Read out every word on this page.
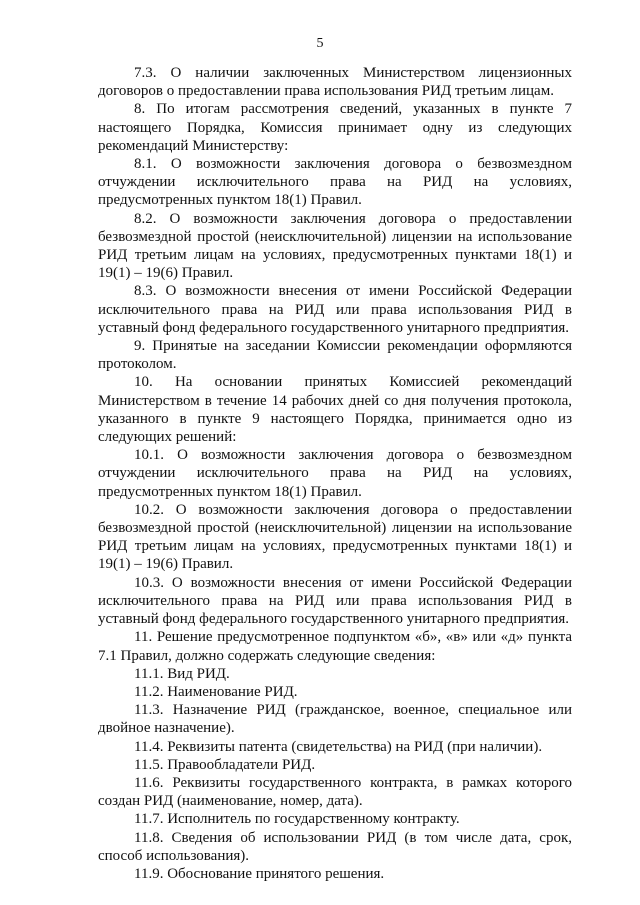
5

7.3. О наличии заключенных Министерством лицензионных договоров о предоставлении права использования РИД третьим лицам.

8. По итогам рассмотрения сведений, указанных в пункте 7 настоящего Порядка, Комиссия принимает одну из следующих рекомендаций Министерству:

8.1. О возможности заключения договора о безвозмездном отчуждении исключительного права на РИД на условиях, предусмотренных пунктом 18(1) Правил.

8.2. О возможности заключения договора о предоставлении безвозмездной простой (неисключительной) лицензии на использование РИД третьим лицам на условиях, предусмотренных пунктами 18(1) и 19(1) – 19(6) Правил.

8.3. О возможности внесения от имени Российской Федерации исключительного права на РИД или права использования РИД в уставный фонд федерального государственного унитарного предприятия.

9. Принятые на заседании Комиссии рекомендации оформляются протоколом.

10. На основании принятых Комиссией рекомендаций Министерством в течение 14 рабочих дней со дня получения протокола, указанного в пункте 9 настоящего Порядка, принимается одно из следующих решений:

10.1. О возможности заключения договора о безвозмездном отчуждении исключительного права на РИД на условиях, предусмотренных пунктом 18(1) Правил.

10.2. О возможности заключения договора о предоставлении безвозмездной простой (неисключительной) лицензии на использование РИД третьим лицам на условиях, предусмотренных пунктами 18(1) и 19(1) – 19(6) Правил.

10.3. О возможности внесения от имени Российской Федерации исключительного права на РИД или права использования РИД в уставный фонд федерального государственного унитарного предприятия.

11. Решение предусмотренное подпунктом «б», «в» или «д» пункта 7.1 Правил, должно содержать следующие сведения:

11.1. Вид РИД.

11.2. Наименование РИД.

11.3. Назначение РИД (гражданское, военное, специальное или двойное назначение).

11.4. Реквизиты патента (свидетельства) на РИД (при наличии).

11.5. Правообладатели РИД.

11.6. Реквизиты государственного контракта, в рамках которого создан РИД (наименование, номер, дата).

11.7. Исполнитель по государственному контракту.

11.8. Сведения об использовании РИД (в том числе дата, срок, способ использования).

11.9. Обоснование принятого решения.
